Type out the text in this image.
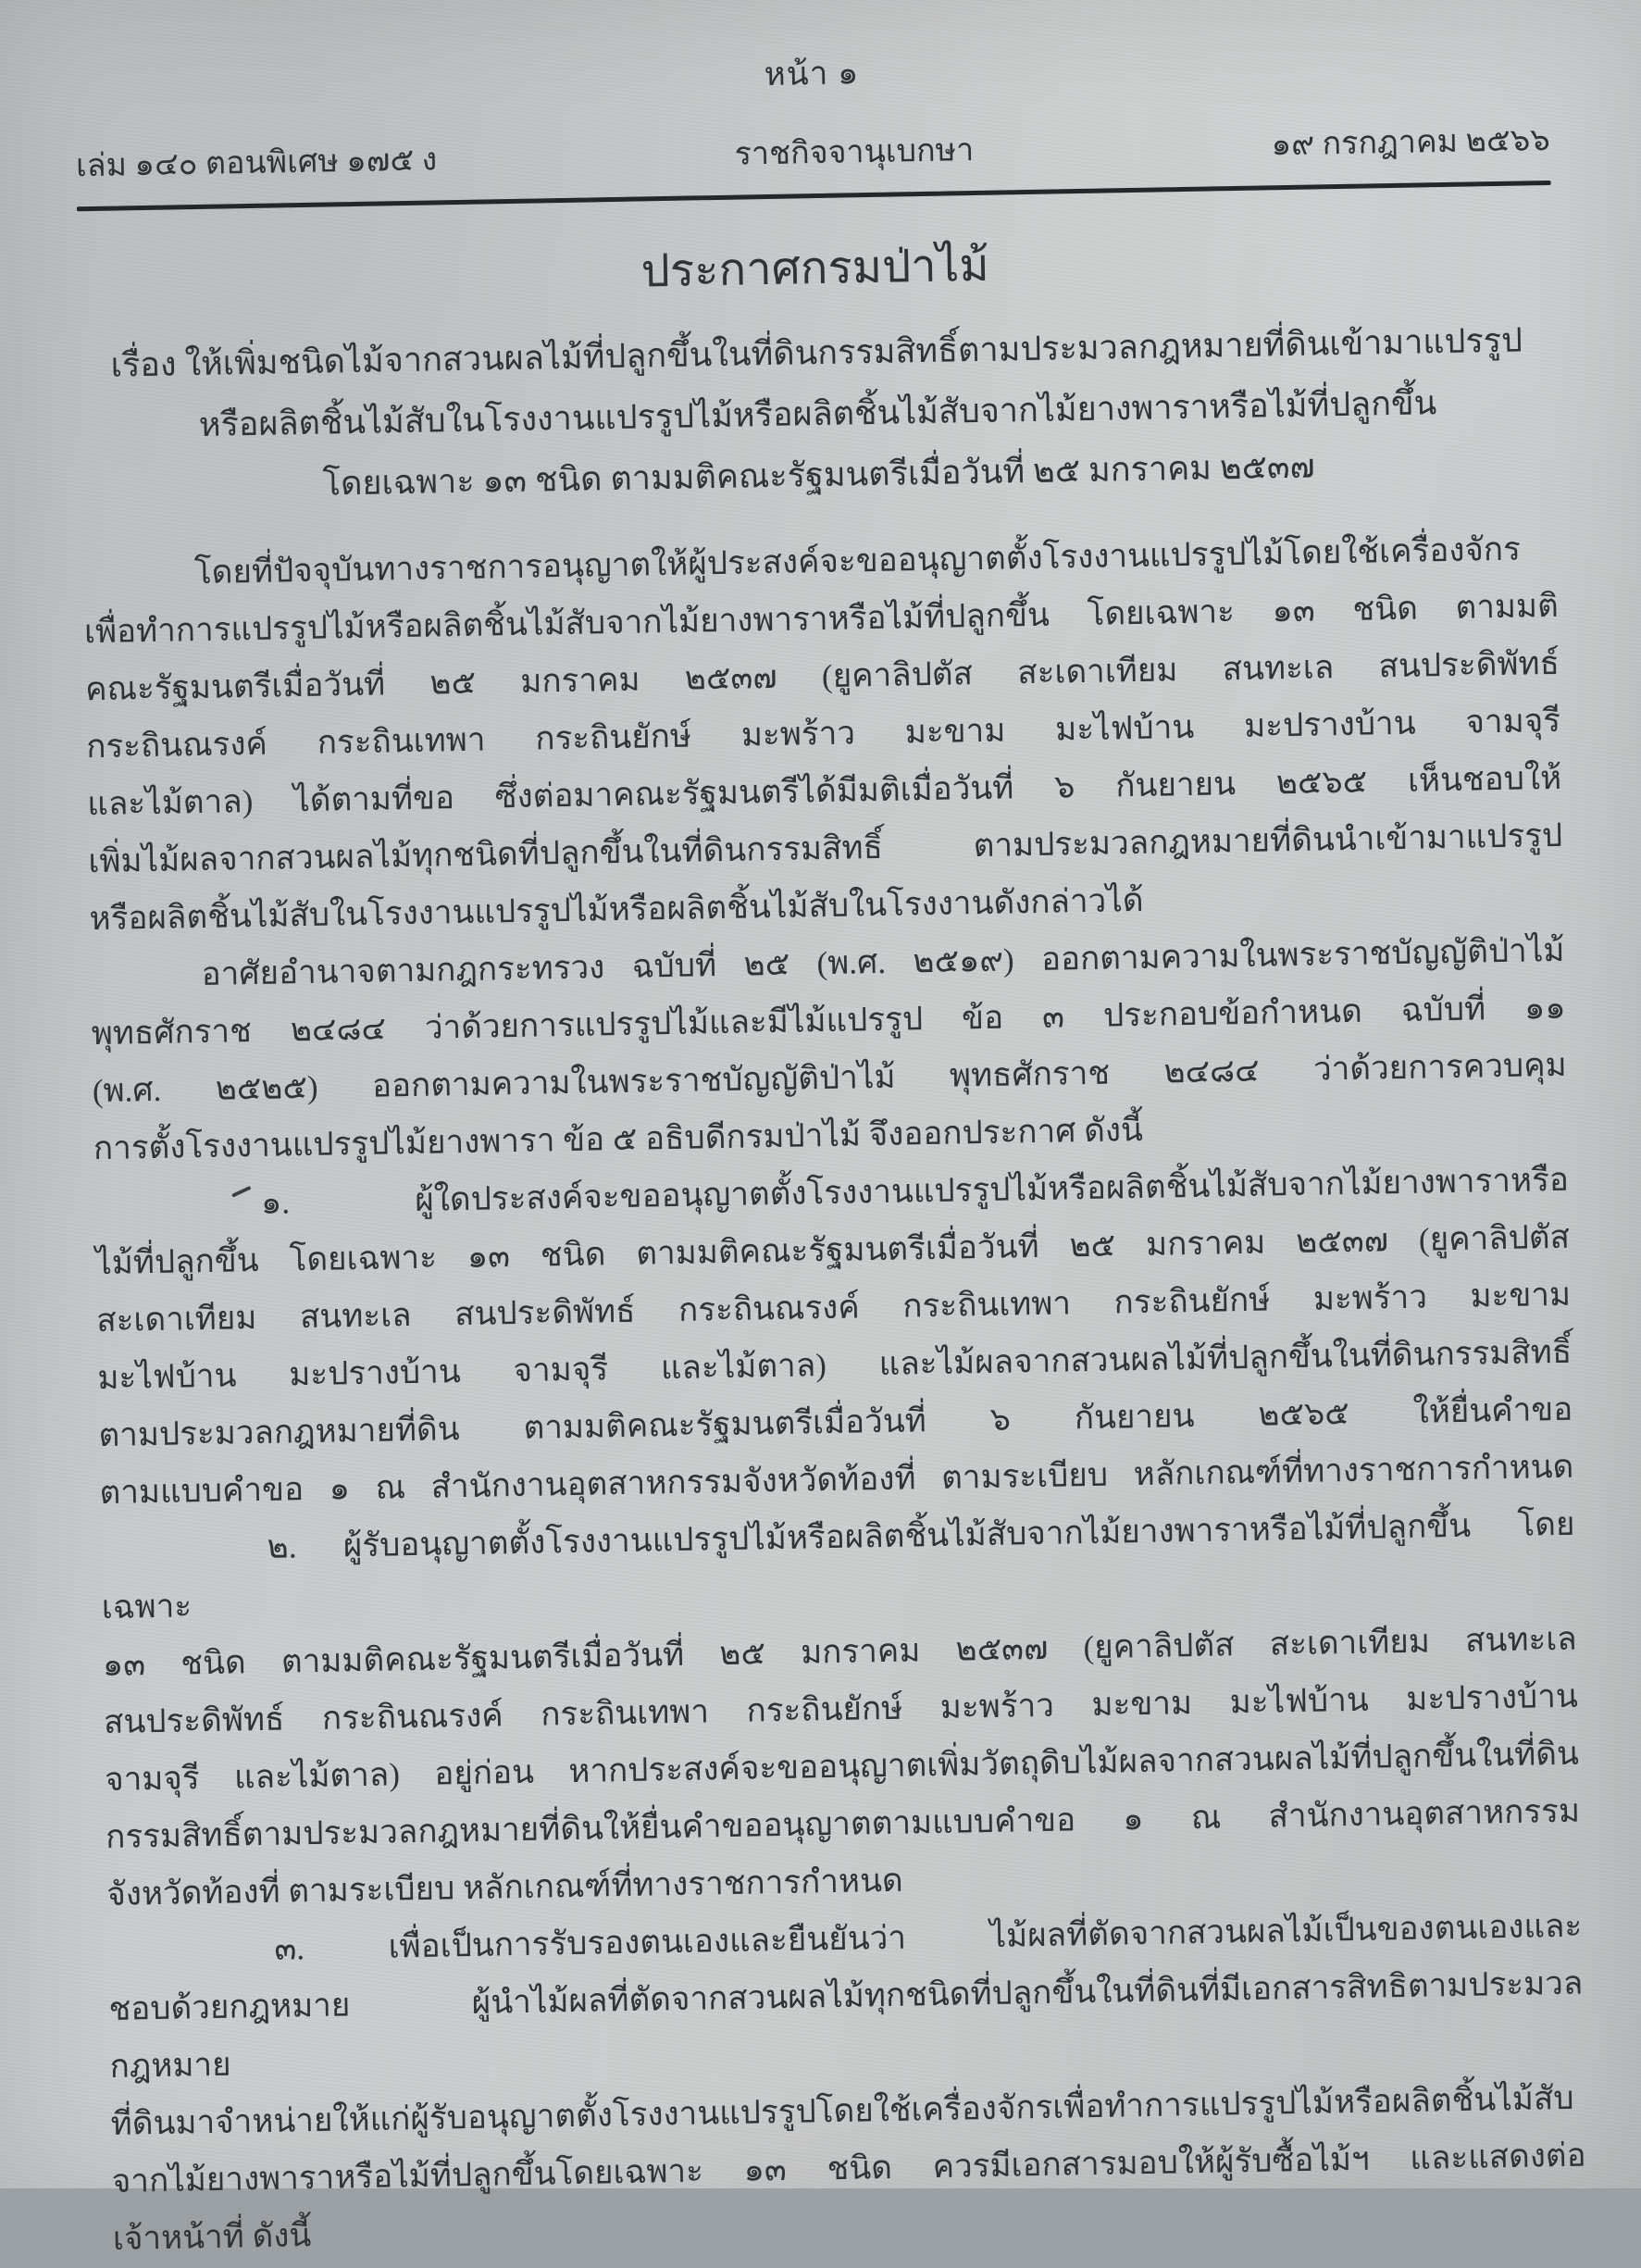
หน้า ๑
เล่ม ๑๔๐ ตอนพิเศษ ๑๗๕ ง	ราชกิจจานุเบกษา	๑๙ กรกฎาคม ๒๕๖๖
ประกาศกรมป่าไม้
เรื่อง ให้เพิ่มชนิดไม้จากสวนผลไม้ที่ปลูกขึ้นในที่ดินกรรมสิทธิ์ตามประมวลกฎหมายที่ดินเข้ามาแปรรูป
หรือผลิตชิ้นไม้สับในโรงงานแปรรูปไม้หรือผลิตชิ้นไม้สับจากไม้ยางพาราหรือไม้ที่ปลูกขึ้น
โดยเฉพาะ ๑๓ ชนิด ตามมติคณะรัฐมนตรีเมื่อวันที่ ๒๕ มกราคม ๒๕๓๗
โดยที่ปัจจุบันทางราชการอนุญาตให้ผู้ประสงค์จะขออนุญาตตั้งโรงงานแปรรูปไม้โดยใช้เครื่องจักร
เพื่อทำการแปรรูปไม้หรือผลิตชิ้นไม้สับจากไม้ยางพาราหรือไม้ที่ปลูกขึ้น โดยเฉพาะ ๑๓ ชนิด ตามมติ
คณะรัฐมนตรีเมื่อวันที่ ๒๕ มกราคม ๒๕๓๗ (ยูคาลิปตัส สะเดาเทียม สนทะเล สนประดิพัทธ์
กระถินณรงค์ กระถินเทพา กระถินยักษ์ มะพร้าว มะขาม มะไฟบ้าน มะปรางบ้าน จามจุรี
และไม้ตาล) ได้ตามที่ขอ ซึ่งต่อมาคณะรัฐมนตรีได้มีมติเมื่อวันที่ ๖ กันยายน ๒๕๖๕ เห็นชอบให้
เพิ่มไม้ผลจากสวนผลไม้ทุกชนิดที่ปลูกขึ้นในที่ดินกรรมสิทธิ์ ตามประมวลกฎหมายที่ดินนำเข้ามาแปรรูป
หรือผลิตชิ้นไม้สับในโรงงานแปรรูปไม้หรือผลิตชิ้นไม้สับในโรงงานดังกล่าวได้
อาศัยอำนาจตามกฎกระทรวง ฉบับที่ ๒๕ (พ.ศ. ๒๕๑๙) ออกตามความในพระราชบัญญัติป่าไม้
พุทธศักราช ๒๔๘๔ ว่าด้วยการแปรรูปไม้และมีไม้แปรรูป ข้อ ๓ ประกอบข้อกำหนด ฉบับที่ ๑๑
(พ.ศ. ๒๕๒๕) ออกตามความในพระราชบัญญัติป่าไม้ พุทธศักราช ๒๔๘๔ ว่าด้วยการควบคุม
การตั้งโรงงานแปรรูปไม้ยางพารา ข้อ ๕ อธิบดีกรมป่าไม้ จึงออกประกาศ ดังนี้
๑. ผู้ใดประสงค์จะขออนุญาตตั้งโรงงานแปรรูปไม้หรือผลิตชิ้นไม้สับจากไม้ยางพาราหรือ
ไม้ที่ปลูกขึ้น โดยเฉพาะ ๑๓ ชนิด ตามมติคณะรัฐมนตรีเมื่อวันที่ ๒๕ มกราคม ๒๕๓๗ (ยูคาลิปตัส
สะเดาเทียม สนทะเล สนประดิพัทธ์ กระถินณรงค์ กระถินเทพา กระถินยักษ์ มะพร้าว มะขาม
มะไฟบ้าน มะปรางบ้าน จามจุรี และไม้ตาล) และไม้ผลจากสวนผลไม้ที่ปลูกขึ้นในที่ดินกรรมสิทธิ์
ตามประมวลกฎหมายที่ดิน ตามมติคณะรัฐมนตรีเมื่อวันที่ ๖ กันยายน ๒๕๖๕ ให้ยื่นคำขอ
ตามแบบคำขอ ๑ ณ สำนักงานอุตสาหกรรมจังหวัดท้องที่ ตามระเบียบ หลักเกณฑ์ที่ทางราชการกำหนด
๒. ผู้รับอนุญาตตั้งโรงงานแปรรูปไม้หรือผลิตชิ้นไม้สับจากไม้ยางพาราหรือไม้ที่ปลูกขึ้น โดยเฉพาะ
๑๓ ชนิด ตามมติคณะรัฐมนตรีเมื่อวันที่ ๒๕ มกราคม ๒๕๓๗ (ยูคาลิปตัส สะเดาเทียม สนทะเล
สนประดิพัทธ์ กระถินณรงค์ กระถินเทพา กระถินยักษ์ มะพร้าว มะขาม มะไฟบ้าน มะปรางบ้าน
จามจุรี และไม้ตาล) อยู่ก่อน หากประสงค์จะขออนุญาตเพิ่มวัตถุดิบไม้ผลจากสวนผลไม้ที่ปลูกขึ้นในที่ดิน
กรรมสิทธิ์ตามประมวลกฎหมายที่ดินให้ยื่นคำขออนุญาตตามแบบคำขอ ๑ ณ สำนักงานอุตสาหกรรม
จังหวัดท้องที่ ตามระเบียบ หลักเกณฑ์ที่ทางราชการกำหนด
๓. เพื่อเป็นการรับรองตนเองและยืนยันว่า ไม้ผลที่ตัดจากสวนผลไม้เป็นของตนเองและ
ชอบด้วยกฎหมาย ผู้นำไม้ผลที่ตัดจากสวนผลไม้ทุกชนิดที่ปลูกขึ้นในที่ดินที่มีเอกสารสิทธิตามประมวลกฎหมาย
ที่ดินมาจำหน่ายให้แก่ผู้รับอนุญาตตั้งโรงงานแปรรูปโดยใช้เครื่องจักรเพื่อทำการแปรรูปไม้หรือผลิตชิ้นไม้สับ
จากไม้ยางพาราหรือไม้ที่ปลูกขึ้นโดยเฉพาะ ๑๓ ชนิด ควรมีเอกสารมอบให้ผู้รับซื้อไม้ฯ และแสดงต่อ
เจ้าหน้าที่ ดังนี้
